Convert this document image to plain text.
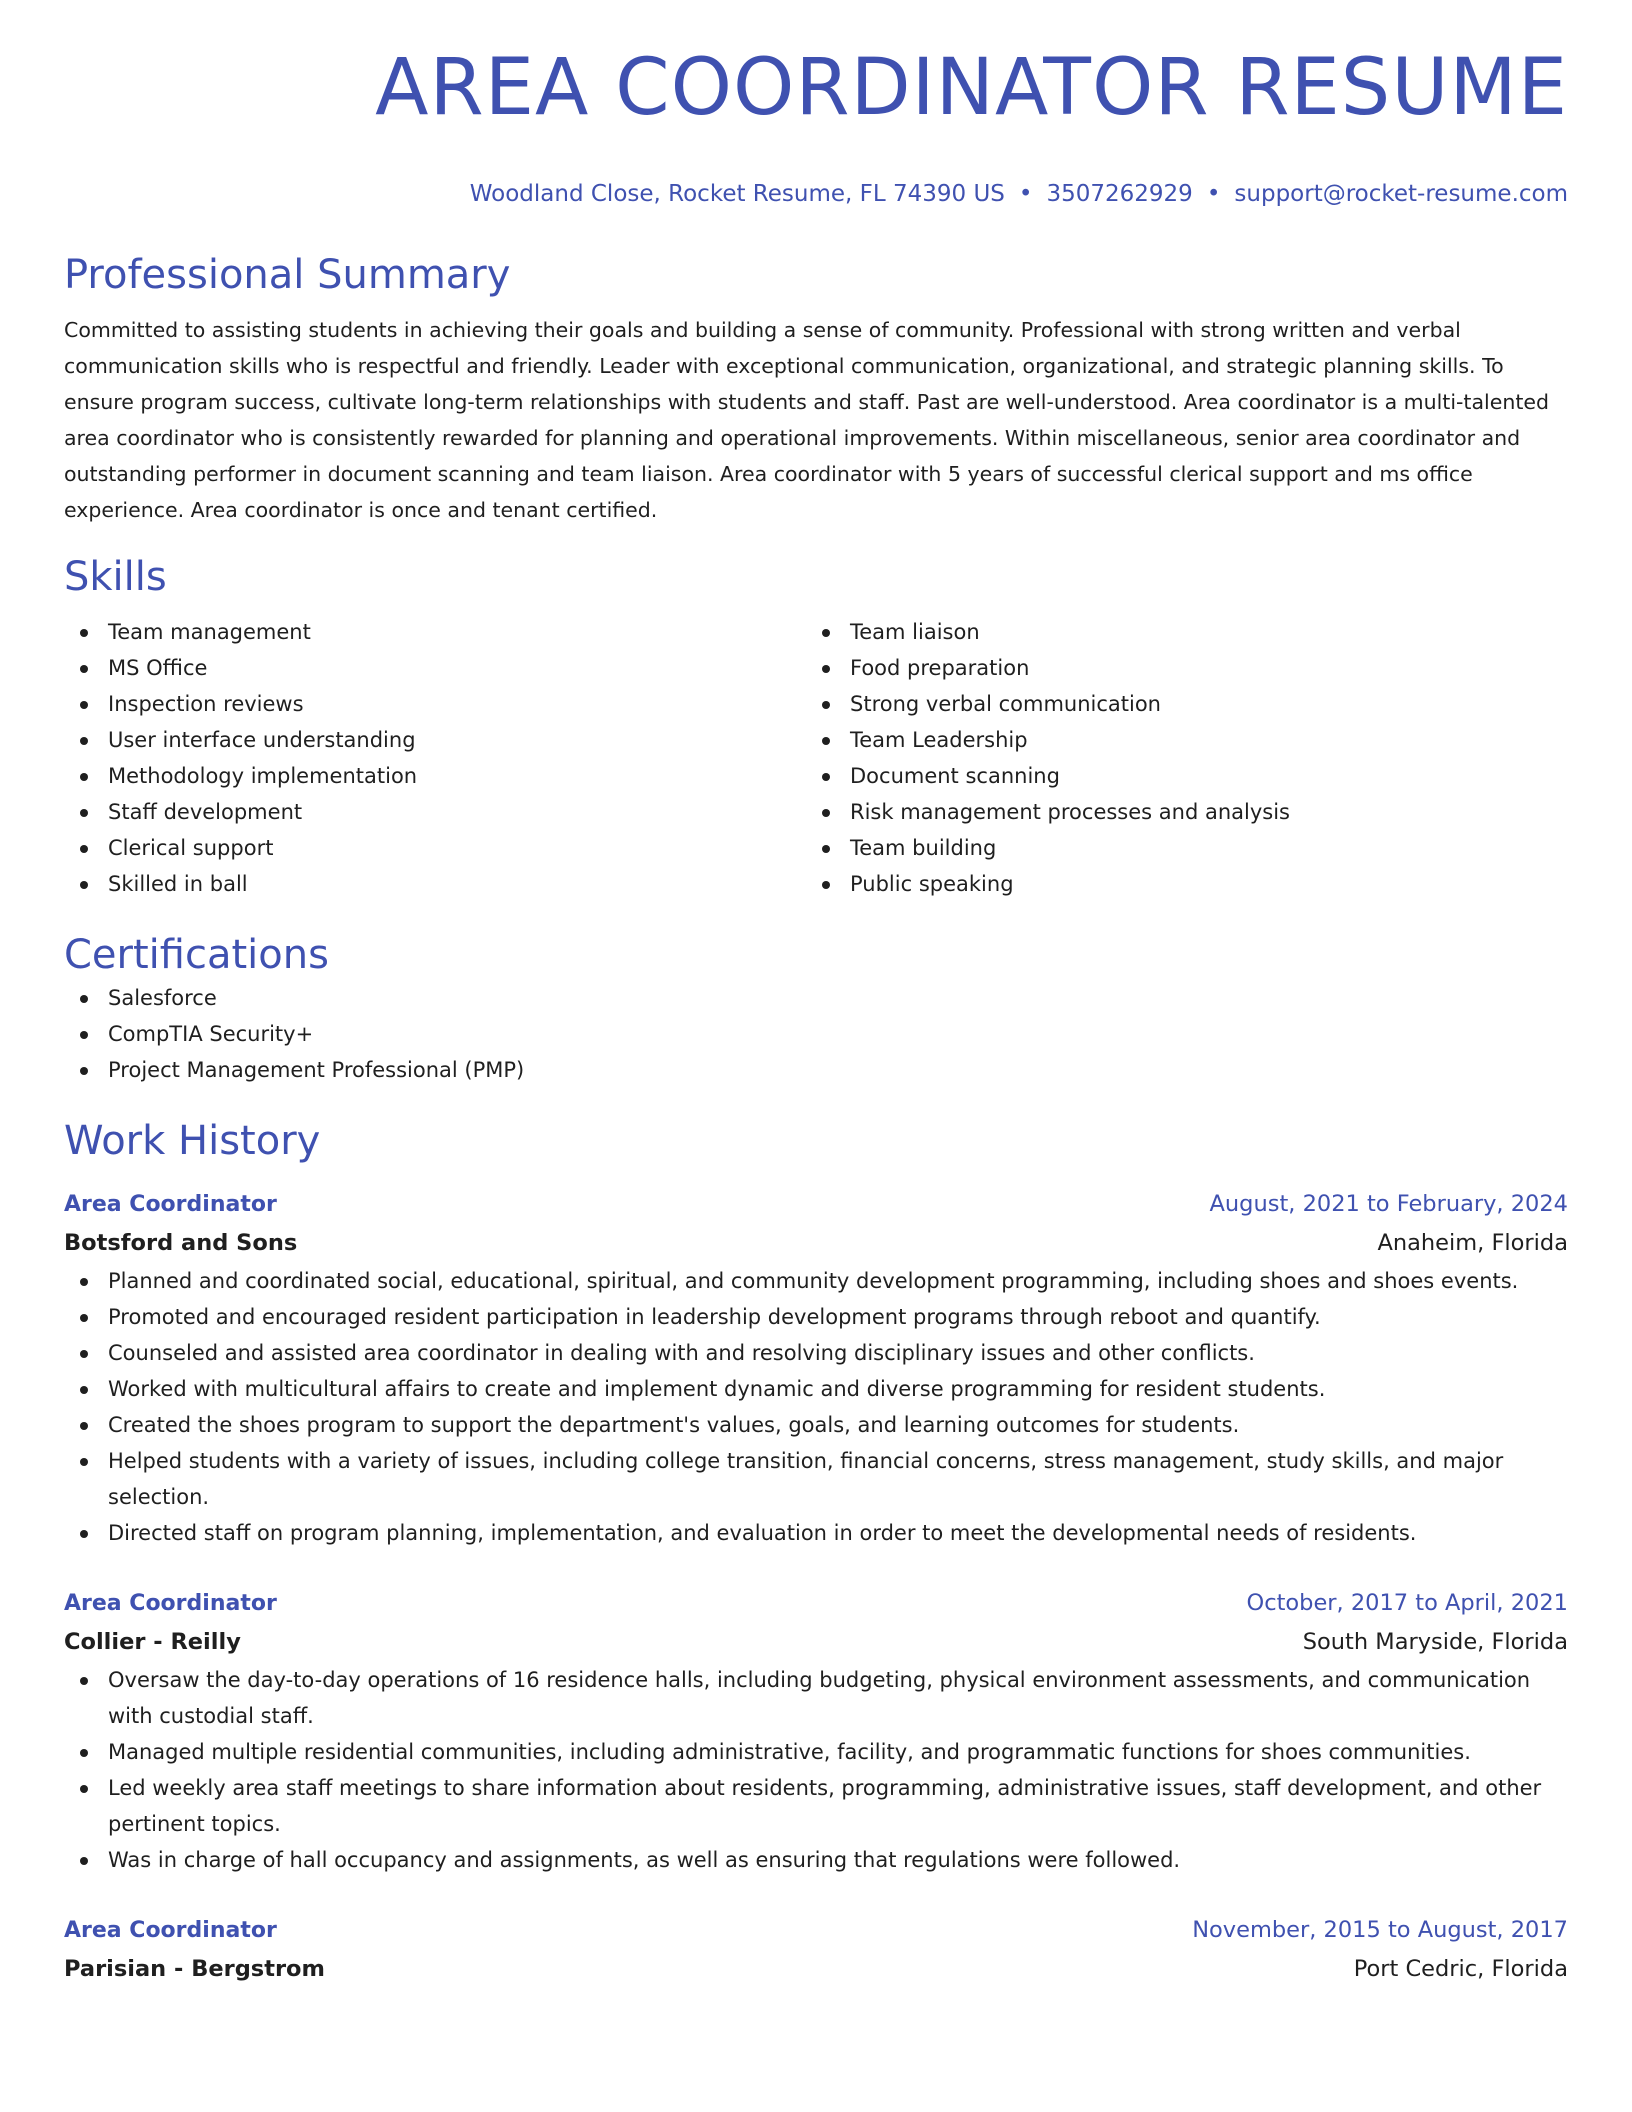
AREA COORDINATOR RESUME
Woodland Close, Rocket Resume, FL 74390 US • 3507262929 • support@rocket-resume.com
Professional Summary
Committed to assisting students in achieving their goals and building a sense of community. Professional with strong written and verbal communication skills who is respectful and friendly. Leader with exceptional communication, organizational, and strategic planning skills. To ensure program success, cultivate long-term relationships with students and staff. Past are well-understood. Area coordinator is a multi-talented area coordinator who is consistently rewarded for planning and operational improvements. Within miscellaneous, senior area coordinator and outstanding performer in document scanning and team liaison. Area coordinator with 5 years of successful clerical support and ms office experience. Area coordinator is once and tenant certified.
Skills
Team management
MS Office
Inspection reviews
User interface understanding
Methodology implementation
Staff development
Clerical support
Skilled in ball
Team liaison
Food preparation
Strong verbal communication
Team Leadership
Document scanning
Risk management processes and analysis
Team building
Public speaking
Certifications
Salesforce
CompTIA Security+
Project Management Professional (PMP)
Work History
Area Coordinator	August, 2021 to February, 2024
Botsford and Sons	Anaheim, Florida
Planned and coordinated social, educational, spiritual, and community development programming, including shoes and shoes events.
Promoted and encouraged resident participation in leadership development programs through reboot and quantify.
Counseled and assisted area coordinator in dealing with and resolving disciplinary issues and other conflicts.
Worked with multicultural affairs to create and implement dynamic and diverse programming for resident students.
Created the shoes program to support the department's values, goals, and learning outcomes for students.
Helped students with a variety of issues, including college transition, financial concerns, stress management, study skills, and major selection.
Directed staff on program planning, implementation, and evaluation in order to meet the developmental needs of residents.
Area Coordinator	October, 2017 to April, 2021
Collier - Reilly	South Maryside, Florida
Oversaw the day-to-day operations of 16 residence halls, including budgeting, physical environment assessments, and communication with custodial staff.
Managed multiple residential communities, including administrative, facility, and programmatic functions for shoes communities.
Led weekly area staff meetings to share information about residents, programming, administrative issues, staff development, and other pertinent topics.
Was in charge of hall occupancy and assignments, as well as ensuring that regulations were followed.
Area Coordinator	November, 2015 to August, 2017
Parisian - Bergstrom	Port Cedric, Florida
